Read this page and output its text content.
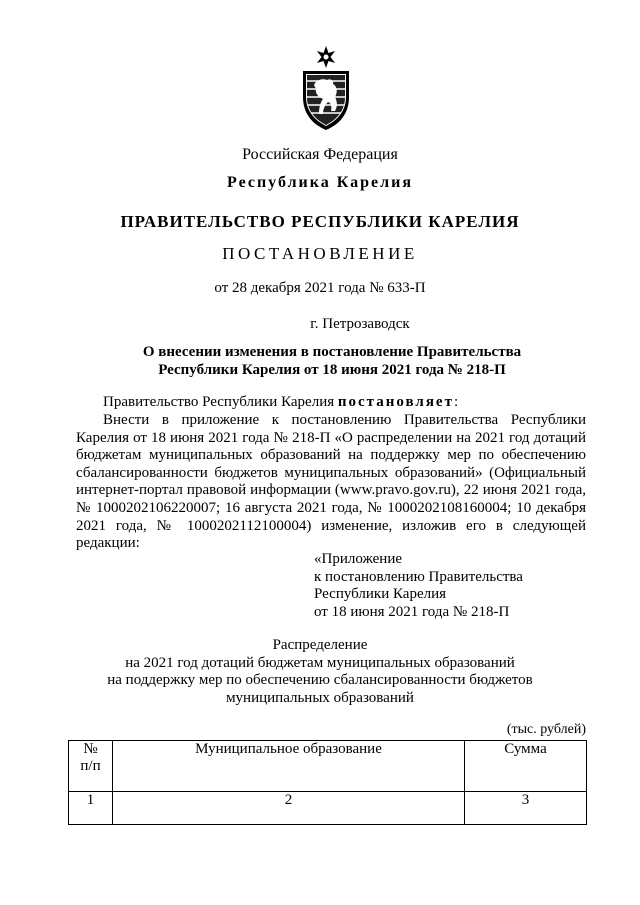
Российская Федерация
Республика Карелия
ПРАВИТЕЛЬСТВО РЕСПУБЛИКИ КАРЕЛИЯ
ПОСТАНОВЛЕНИЕ
от 28 декабря 2021 года № 633-П
г. Петрозаводск
О внесении изменения в постановление Правительства
Республики Карелия от 18 июня 2021 года № 218-П
Правительство Республики Карелия постановляет:
Внести в приложение к постановлению Правительства Республики Карелия от 18 июня 2021 года № 218-П «О распределении на 2021 год дотаций бюджетам муниципальных образований на поддержку мер по обеспечению сбалансированности бюджетов муниципальных образований» (Официальный интернет-портал правовой информации (www.pravo.gov.ru), 22 июня 2021 года, № 1000202106220007; 16 августа 2021 года, № 1000202108160004; 10 декабря 2021 года, № 1000202112100004) изменение, изложив его в следующей редакции:
«Приложение
к постановлению Правительства
Республики Карелия
от 18 июня 2021 года № 218-П
Распределение
на 2021 год дотаций бюджетам муниципальных образований
на поддержку мер по обеспечению сбалансированности бюджетов
муниципальных образований
(тыс. рублей)
№
п/п	Муниципальное образование	Сумма
1	2	3
